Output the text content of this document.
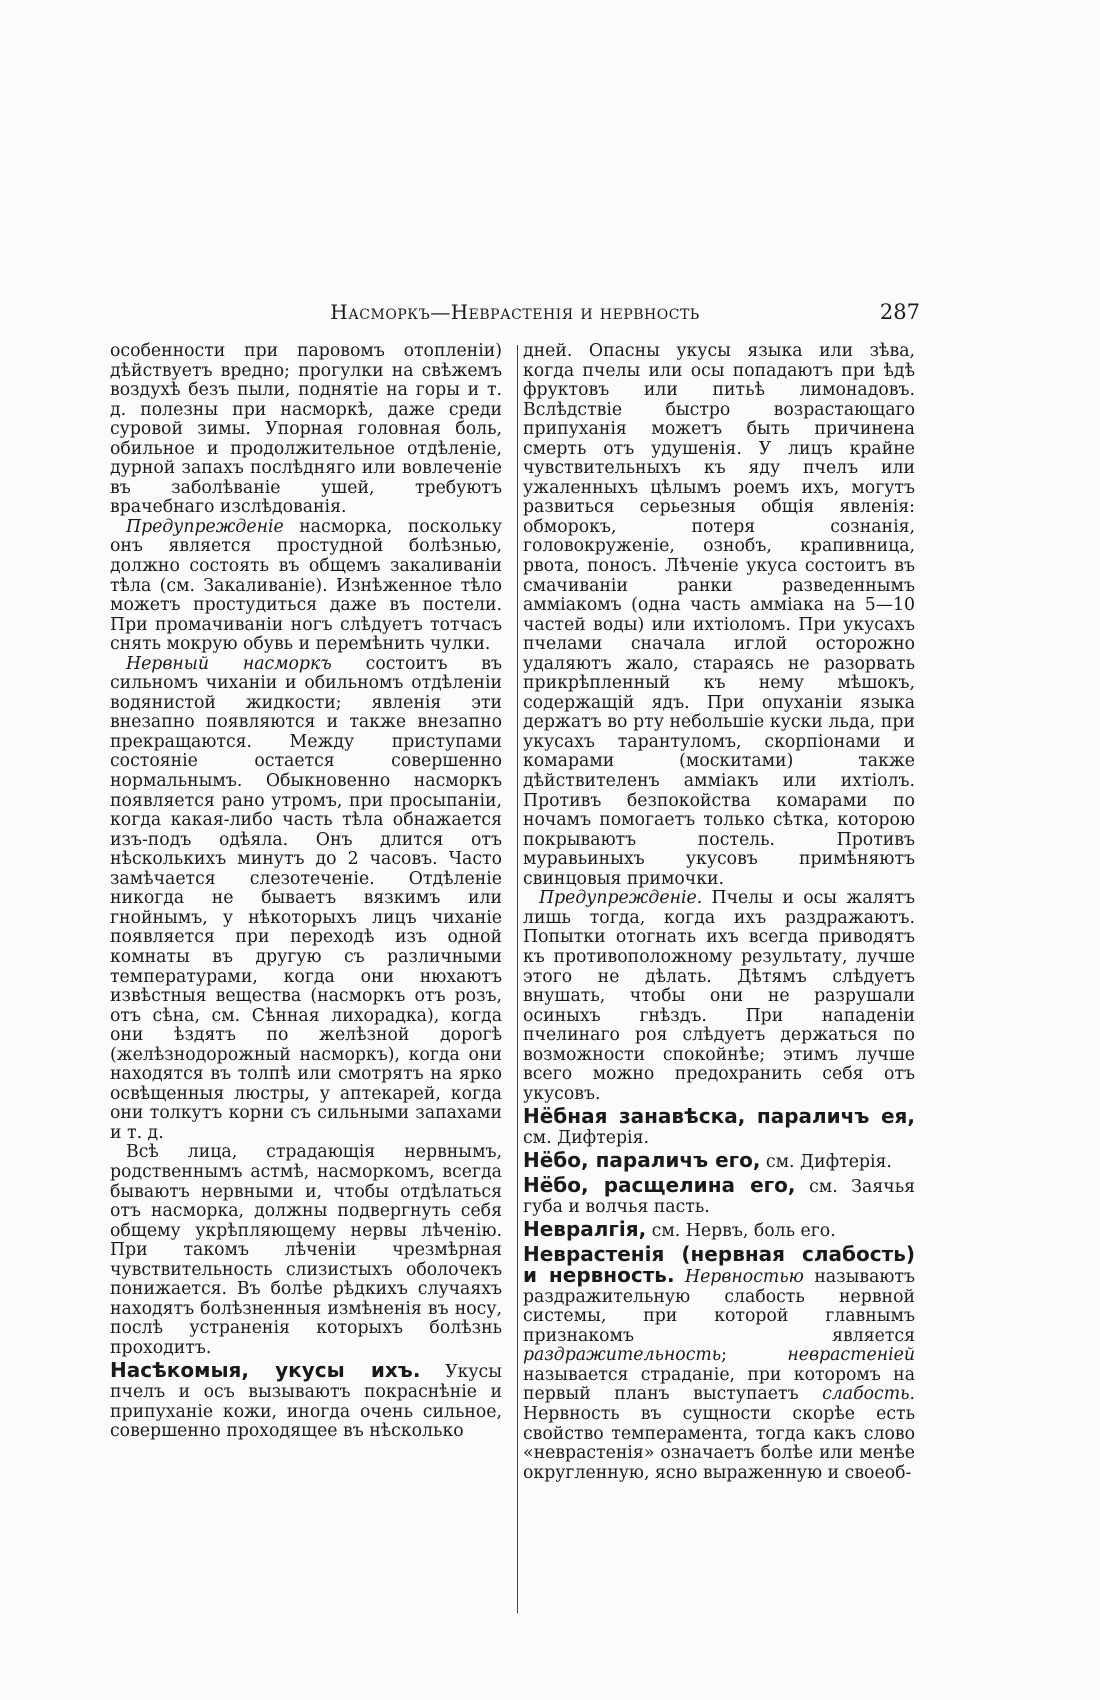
Насморкъ—Неврастенія и нервность	287

особенности при паровомъ отопленіи) дѣйствуетъ вредно; прогулки на свѣжемъ воздухѣ безъ пыли, поднятіе на горы и т. д. полезны при насморкѣ, даже среди суровой зимы. Упорная головная боль, обильное и продолжительное отдѣленіе, дурной запахъ послѣдняго или вовлеченіе въ заболѣваніе ушей, требуютъ врачебнаго изслѣдованія.

Предупрежденіе насморка, поскольку онъ является простудной болѣзнью, должно состоять въ общемъ закаливаніи тѣла (см. Закаливаніе). Изнѣженное тѣло можетъ простудиться даже въ постели. При промачиваніи ногъ слѣдуетъ тотчасъ снять мокрую обувь и перемѣнить чулки.

Нервный насморкъ состоитъ въ сильномъ чиханіи и обильномъ отдѣленіи водянистой жидкости; явленія эти внезапно появляются и также внезапно прекращаются. Между приступами состояніе остается совершенно нормальнымъ. Обыкновенно насморкъ появляется рано утромъ, при просыпаніи, когда какая-либо часть тѣла обнажается изъ-подъ одѣяла. Онъ длится отъ нѣсколькихъ минутъ до 2 часовъ. Часто замѣчается слезотеченіе. Отдѣленіе никогда не бываетъ вязкимъ или гнойнымъ, у нѣкоторыхъ лицъ чиханіе появляется при переходѣ изъ одной комнаты въ другую съ различными температурами, когда они нюхаютъ извѣстныя вещества (насморкъ отъ розъ, отъ сѣна, см. Сѣнная лихорадка), когда они ѣздятъ по желѣзной дорогѣ (желѣзнодорожный насморкъ), когда они находятся въ толпѣ или смотрятъ на ярко освѣщенныя люстры, у аптекарей, когда они толкутъ корни съ сильными запахами и т. д.

Всѣ лица, страдающія нервнымъ, родственнымъ астмѣ, насморкомъ, всегда бываютъ нервными и, чтобы отдѣлаться отъ насморка, должны подвергнуть себя общему укрѣпляющему нервы лѣченію. При такомъ лѣченіи чрезмѣрная чувствительность слизистыхъ оболочекъ понижается. Въ болѣе рѣдкихъ случаяхъ находятъ болѣзненныя измѣненія въ носу, послѣ устраненія которыхъ болѣзнь проходитъ.

Насѣкомыя, укусы ихъ. Укусы пчелъ и осъ вызываютъ покраснѣніе и припуханіе кожи, иногда очень сильное, совершенно проходящее въ нѣсколько

дней. Опасны укусы языка или зѣва, когда пчелы или осы попадаютъ при ѣдѣ фруктовъ или питьѣ лимонадовъ. Вслѣдствіе быстро возрастающаго припуханія можетъ быть причинена смерть отъ удушенія. У лицъ крайне чувствительныхъ къ яду пчелъ или ужаленныхъ цѣлымъ роемъ ихъ, могутъ развиться серьезныя общія явленія: обморокъ, потеря сознанія, головокруженіе, ознобъ, крапивница, рвота, поносъ. Лѣченіе укуса состоитъ въ смачиваніи ранки разведеннымъ амміакомъ (одна часть амміака на 5—10 частей воды) или ихтіоломъ. При укусахъ пчелами сначала иглой осторожно удаляютъ жало, стараясь не разорвать прикрѣпленный къ нему мѣшокъ, содержащій ядъ. При опуханіи языка держатъ во рту небольшіе куски льда, при укусахъ тарантуломъ, скорпіонами и комарами (москитами) также дѣйствителенъ амміакъ или ихтіолъ. Противъ безпокойства комарами по ночамъ помогаетъ только сѣтка, которою покрываютъ постель. Противъ муравьиныхъ укусовъ примѣняютъ свинцовыя примочки.

Предупрежденіе. Пчелы и осы жалятъ лишь тогда, когда ихъ раздражаютъ. Попытки отогнать ихъ всегда приводятъ къ противоположному результату, лучше этого не дѣлать. Дѣтямъ слѣдуетъ внушать, чтобы они не разрушали осиныхъ гнѣздъ. При нападеніи пчелинаго роя слѣдуетъ держаться по возможности спокойнѣе; этимъ лучше всего можно предохранить себя отъ укусовъ.

Нёбная занавѣска, параличъ ея, см. Дифтерія.

Нёбо, параличъ его, см. Дифтерія.

Нёбо, расщелина его, см. Заячья губа и волчья пасть.

Невралгія, см. Нервъ, боль его.

Неврастенія (нервная слабость) и нервность. Нервностью называютъ раздражительную слабость нервной системы, при которой главнымъ признакомъ является раздражительность; неврастеніей называется страданіе, при которомъ на первый планъ выступаетъ слабость. Нервность въ сущности скорѣе есть свойство темперамента, тогда какъ слово «неврастенія» означаетъ болѣе или менѣе округленную, ясно выраженную и своеоб-
